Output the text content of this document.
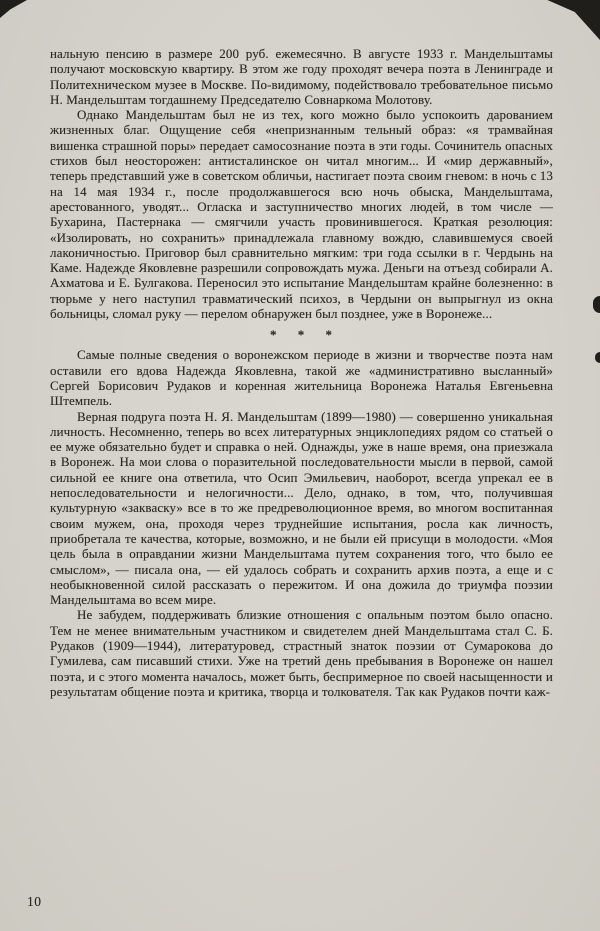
нальную пенсию в размере 200 руб. ежемесячно. В августе 1933 г. Мандельштамы получают московскую квартиру. В этом же году проходят вечера поэта в Ленинграде и Политехническом музее в Москве. По-видимому, подействовало требовательное письмо Н. Мандельштам тогдашнему Председателю Совнаркома Молотову.

Однако Мандельштам был не из тех, кого можно было успокоить дарованием жизненных благ. Ощущение себя «непризнанным тельный образ: «я трамвайная вишенка страшной поры» передает самосознание поэта в эти годы. Сочинитель опасных стихов был неосторожен: антисталинское он читал многим... И «мир державный», теперь представший уже в советском обличьи, настигает поэта своим гневом: в ночь с 13 на 14 мая 1934 г., после продолжавшегося всю ночь обыска, Мандельштама, арестованного, уводят... Огласка и заступничество многих людей, в том числе — Бухарина, Пастернака — смягчили участь провинившегося. Краткая резолюция: «Изолировать, но сохранить» принадлежала главному вождю, славившемуся своей лаконичностью. Приговор был сравнительно мягким: три года ссылки в г. Чердынь на Каме. Надежде Яковлевне разрешили сопровождать мужа. Деньги на отъезд собирали А. Ахматова и Е. Булгакова. Переносил это испытание Мандельштам крайне болезненно: в тюрьме у него наступил травматический психоз, в Чердыни он выпрыгнул из окна больницы, сломал руку — перелом обнаружен был позднее, уже в Воронеже...

* * *

Самые полные сведения о воронежском периоде в жизни и творчестве поэта нам оставили его вдова Надежда Яковлевна, такой же «административно высланный» Сергей Борисович Рудаков и коренная жительница Воронежа Наталья Евгеньевна Штемпель.

Верная подруга поэта Н. Я. Мандельштам (1899—1980) — совершенно уникальная личность. Несомненно, теперь во всех литературных энциклопедиях рядом со статьей о ее муже обязательно будет и справка о ней. Однажды, уже в наше время, она приезжала в Воронеж. На мои слова о поразительной последовательности мысли в первой, самой сильной ее книге она ответила, что Осип Эмильевич, наоборот, всегда упрекал ее в непоследовательности и нелогичности... Дело, однако, в том, что, получившая культурную «закваску» все в то же предреволюционное время, во многом воспитанная своим мужем, она, проходя через труднейшие испытания, росла как личность, приобретала те качества, которые, возможно, и не были ей присущи в молодости. «Моя цель была в оправдании жизни Мандельштама путем сохранения того, что было ее смыслом», — писала она, — ей удалось собрать и сохранить архив поэта, а еще и с необыкновенной силой рассказать о пережитом. И она дожила до триумфа поэзии Мандельштама во всем мире.

Не забудем, поддерживать близкие отношения с опальным поэтом было опасно. Тем не менее внимательным участником и свидетелем дней Мандельштама стал С. Б. Рудаков (1909—1944), литературовед, страстный знаток поэзии от Сумарокова до Гумилева, сам писавший стихи. Уже на третий день пребывания в Воронеже он нашел поэта, и с этого момента началось, может быть, беспримерное по своей насыщенности и результатам общение поэта и критика, творца и толкователя. Так как Рудаков почти каж-

10
